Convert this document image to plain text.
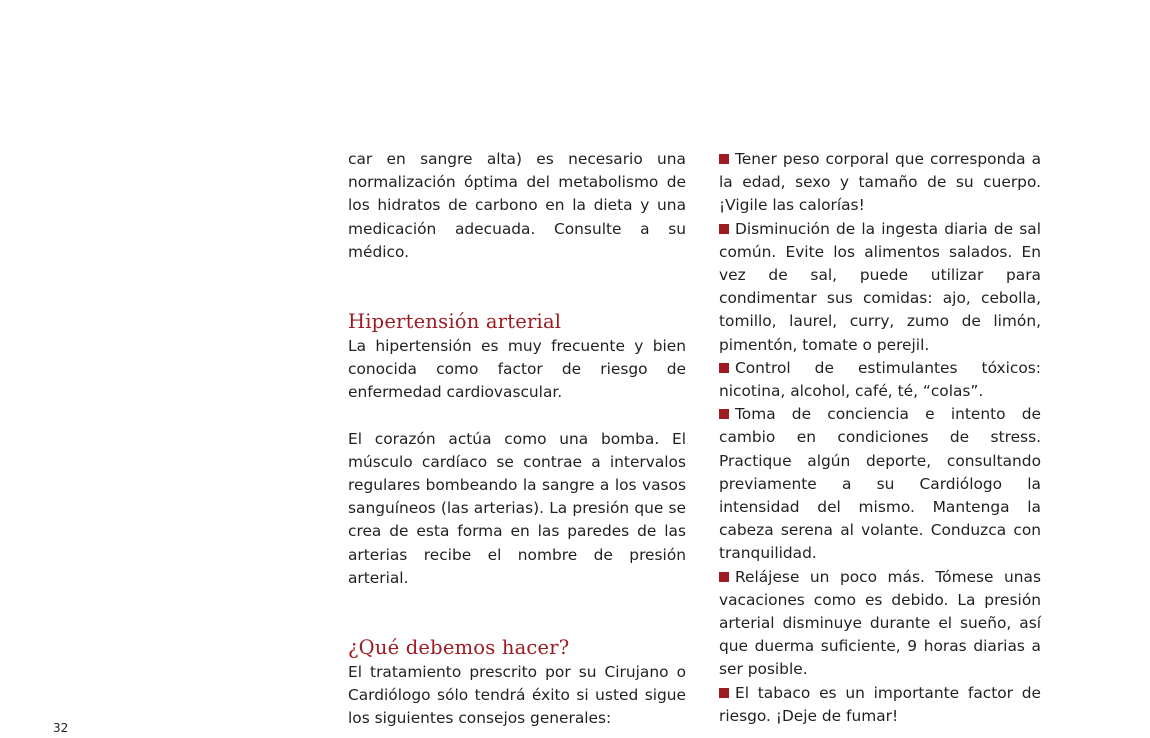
car en sangre alta) es necesario una normalización óptima del metabolismo de los hidratos de carbono en la dieta y una medicación adecuada. Consulte a su médico.

Hipertensión arterial

La hipertensión es muy frecuente y bien conocida como factor de riesgo de enfermedad cardiovascular.

El corazón actúa como una bomba. El músculo cardíaco se contrae a intervalos regulares bombeando la sangre a los vasos sanguíneos (las arterias). La presión que se crea de esta forma en las paredes de las arterias recibe el nombre de presión arterial.

¿Qué debemos hacer?

El tratamiento prescrito por su Cirujano o Cardiólogo sólo tendrá éxito si usted sigue los siguientes consejos generales:

Tener peso corporal que corresponda a la edad, sexo y tamaño de su cuerpo. ¡Vigile las calorías!

Disminución de la ingesta diaria de sal común. Evite los alimentos salados. En vez de sal, puede utilizar para condimentar sus comidas: ajo, cebolla, tomillo, laurel, curry, zumo de limón, pimentón, tomate o perejil.

Control de estimulantes tóxicos: nicotina, alcohol, café, té, “colas”.

Toma de conciencia e intento de cambio en condiciones de stress. Practique algún deporte, consultando previamente a su Cardiólogo la intensidad del mismo. Mantenga la cabeza serena al volante. Conduzca con tranquilidad.

Relájese un poco más. Tómese unas vacaciones como es debido. La presión arterial disminuye durante el sueño, así que duerma suficiente, 9 horas diarias a ser posible.

El tabaco es un importante factor de riesgo. ¡Deje de fumar!

32
